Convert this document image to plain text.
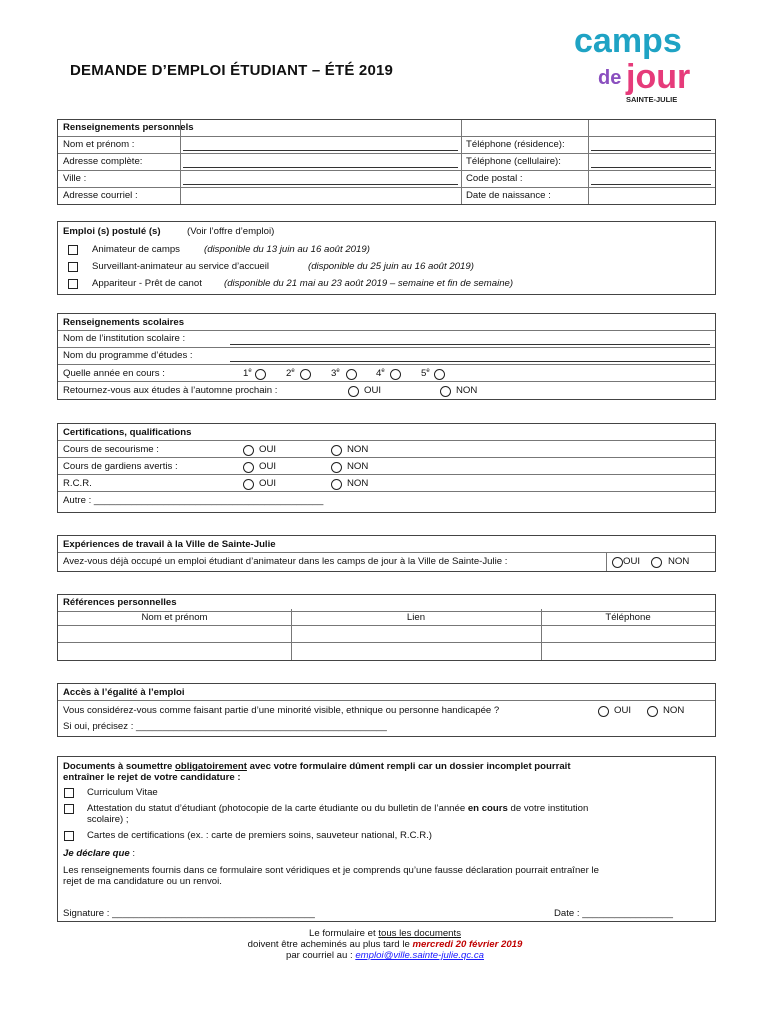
DEMANDE D’EMPLOI ÉTUDIANT – ÉTÉ 2019
camps
de jour
SAINTE-JULIE
Renseignements personnels
Nom et prénom :	Téléphone (résidence):
Adresse complète:	Téléphone (cellulaire):
Ville :	Code postal :
Adresse courriel :	Date de naissance :
Emploi (s) postulé (s)	(Voir l’offre d’emploi)
Animateur de camps	(disponible du 13 juin au 16 août 2019)
Surveillant-animateur au service d’accueil	(disponible du 25 juin au 16 août 2019)
Appariteur - Prêt de canot (disponible du 21 mai au 23 août 2019 – semaine et fin de semaine)
Renseignements scolaires
Nom de l’institution scolaire :
Nom du programme d’études :
Quelle année en cours :	1e	2e	3e	4e	5e
Retournez-vous aux études à l’automne prochain :	OUI	NON
Certifications, qualifications
Cours de secourisme :	OUI	NON
Cours de gardiens avertis :	OUI	NON
R.C.R.	OUI	NON
Autre : ___________________________________________
Expériences de travail à la Ville de Sainte-Julie
Avez-vous déjà occupé un emploi étudiant d’animateur dans les camps de jour à la Ville de Sainte-Julie :	OUI	NON
Références personnelles
Nom et prénom	Lien	Téléphone
Accès à l’égalité à l’emploi
Vous considérez-vous comme faisant partie d’une minorité visible, ethnique ou personne handicapée ?	OUI	NON
Si oui, précisez : _______________________________________________
Documents à soumettre obligatoirement avec votre formulaire dûment rempli car un dossier incomplet pourrait
entraîner le rejet de votre candidature :
Curriculum Vitae
Attestation du statut d’étudiant (photocopie de la carte étudiante ou du bulletin de l’année en cours de votre institution
scolaire) ;
Cartes de certifications (ex. : carte de premiers soins, sauveteur national, R.C.R.)
Je déclare que :
Les renseignements fournis dans ce formulaire sont véridiques et je comprends qu’une fausse déclaration pourrait entraîner le
rejet de ma candidature ou un renvoi.
Signature : ______________________________________	Date : _________________
Le formulaire et tous les documents
doivent être acheminés au plus tard le mercredi 20 février 2019
par courriel au : emploi@ville.sainte-julie.qc.ca
